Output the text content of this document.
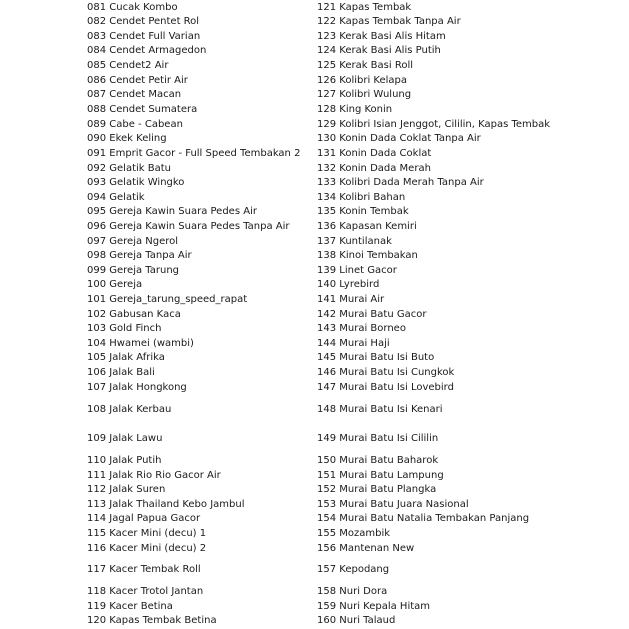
081 Cucak Kombo
082 Cendet Pentet Rol
083 Cendet Full Varian
084 Cendet Armagedon
085 Cendet2 Air
086 Cendet Petir Air
087 Cendet Macan
088 Cendet Sumatera
089 Cabe - Cabean
090 Ekek Keling
091 Emprit Gacor - Full Speed Tembakan 2
092 Gelatik Batu
093 Gelatik Wingko
094 Gelatik
095 Gereja Kawin Suara Pedes Air
096 Gereja Kawin Suara Pedes Tanpa Air
097 Gereja Ngerol
098 Gereja Tanpa Air
099 Gereja Tarung
100 Gereja
101 Gereja_tarung_speed_rapat
102 Gabusan Kaca
103 Gold Finch
104 Hwamei (wambi)
105 Jalak Afrika
106 Jalak Bali
107 Jalak Hongkong
108 Jalak Kerbau
109 Jalak Lawu
110 Jalak Putih
111 Jalak Rio Rio Gacor Air
112 Jalak Suren
113 Jalak Thailand Kebo Jambul
114 Jagal Papua Gacor
115 Kacer Mini (decu) 1
116 Kacer Mini (decu) 2
117 Kacer Tembak Roll
118 Kacer Trotol Jantan
119 Kacer Betina
120 Kapas Tembak Betina
121 Kapas Tembak
122 Kapas Tembak Tanpa Air
123 Kerak Basi Alis Hitam
124 Kerak Basi Alis Putih
125 Kerak Basi Roll
126 Kolibri Kelapa
127 Kolibri Wulung
128 King Konin
129 Kolibri Isian Jenggot, Cililin, Kapas Tembak
130 Konin Dada Coklat Tanpa Air
131 Konin Dada Coklat
132 Konin Dada Merah
133 Kolibri Dada Merah Tanpa Air
134 Kolibri Bahan
135 Konin Tembak
136 Kapasan Kemiri
137 Kuntilanak
138 Kinoi Tembakan
139 Linet Gacor
140 Lyrebird
141 Murai Air
142 Murai Batu Gacor
143 Murai Borneo
144 Murai Haji
145 Murai Batu Isi Buto
146 Murai Batu Isi Cungkok
147 Murai Batu Isi Lovebird
148 Murai Batu Isi Kenari
149 Murai Batu Isi Cililin
150 Murai Batu Baharok
151 Murai Batu Lampung
152 Murai Batu Plangka
153 Murai Batu Juara Nasional
154 Murai Batu Natalia Tembakan Panjang
155 Mozambik
156 Mantenan New
157 Kepodang
158 Nuri Dora
159 Nuri Kepala Hitam
160 Nuri Talaud
